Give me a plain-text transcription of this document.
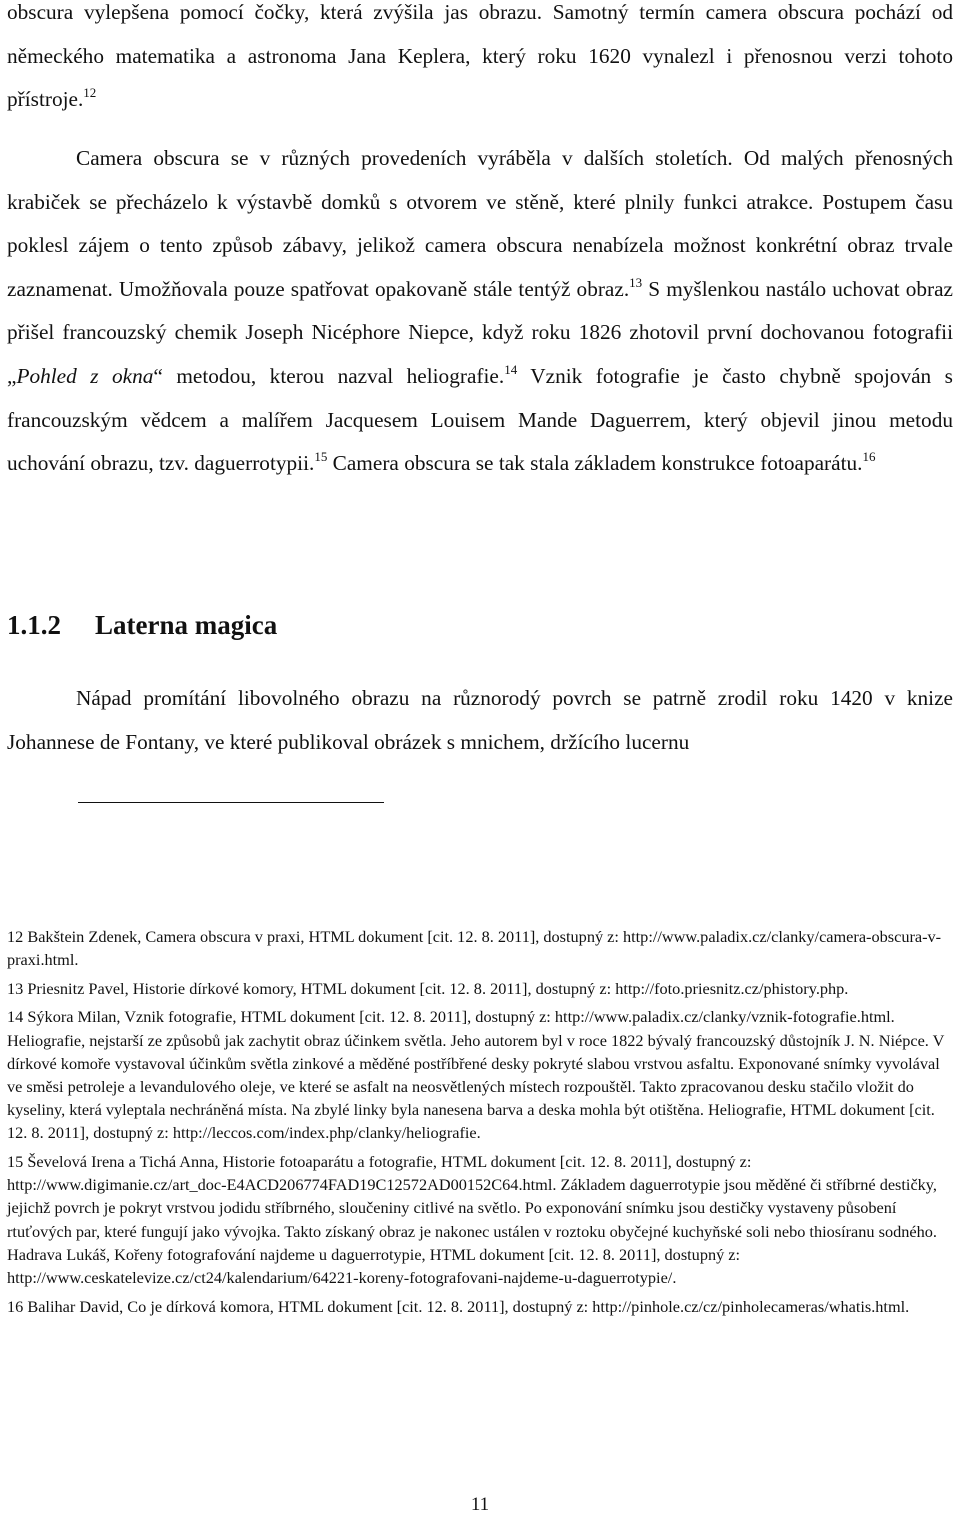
obscura vylepšena pomocí čočky, která zvýšila jas obrazu. Samotný termín camera obscura pochází od německého matematika a astronoma Jana Keplera, který roku 1620 vynalezl i přenosnou verzi tohoto přístroje.$^{12}$

Camera obscura se v různých provedeních vyráběla v dalších stoletích. Od malých přenosných krabiček se přecházelo k výstavbě domků s otvorem ve stěně, které plnily funkci atrakce. Postupem času poklesl zájem o tento způsob zábavy, jelikož camera obscura nenabízela možnost konkrétní obraz trvale zaznamenat. Umožňovala pouze spatřovat opakovaně stále tentýž obraz.$^{13}$ S myšlenkou nastálo uchovat obraz přišel francouzský chemik Joseph Nicéphore Niepce, když roku 1826 zhotovil první dochovanou fotografii „Pohled z okna“ metodou, kterou nazval heliografie.$^{14}$ Vznik fotografie je často chybně spojován s francouzským vědcem a malířem Jacquesem Louisem Mande Daguerrem, který objevil jinou metodu uchování obrazu, tzv. daguerrotypii.$^{15}$ Camera obscura se tak stala základem konstrukce fotoaparátu.$^{16}$

1.1.2 Laterna magica

Nápad promítání libovolného obrazu na různorodý povrch se patrně zrodil roku 1420 v knize Johannese de Fontany, ve které publikoval obrázek s mnichem, držícího lucernu

12 Bakštein Zdenek, Camera obscura v praxi, HTML dokument [cit. 12. 8. 2011], dostupný z: http://www.paladix.cz/clanky/camera-obscura-v-praxi.html.

13 Priesnitz Pavel, Historie dírkové komory, HTML dokument [cit. 12. 8. 2011], dostupný z: http://foto.priesnitz.cz/phistory.php.

14 Sýkora Milan, Vznik fotografie, HTML dokument [cit. 12. 8. 2011], dostupný z: http://www.paladix.cz/clanky/vznik-fotografie.html. Heliografie, nejstarší ze způsobů jak zachytit obraz účinkem světla. Jeho autorem byl v roce 1822 bývalý francouzský důstojník J. N. Niépce. V dírkové komoře vystavoval účinkům světla zinkové a měděné postříbřené desky pokryté slabou vrstvou asfaltu. Exponované snímky vyvolával ve směsi petroleje a levandulového oleje, ve které se asfalt na neosvětlených místech rozpouštěl. Takto zpracovanou desku stačilo vložit do kyseliny, která vyleptala nechráněná místa. Na zbylé linky byla nanesena barva a deska mohla být otištěna. Heliografie, HTML dokument [cit. 12. 8. 2011], dostupný z: http://leccos.com/index.php/clanky/heliografie.

15 Ševelová Irena a Tichá Anna, Historie fotoaparátu a fotografie, HTML dokument [cit. 12. 8. 2011], dostupný z: http://www.digimanie.cz/art_doc-E4ACD206774FAD19C12572AD00152C64.html. Základem daguerrotypie jsou měděné či stříbrné destičky, jejichž povrch je pokryt vrstvou jodidu stříbrného, sloučeniny citlivé na světlo. Po exponování snímku jsou destičky vystaveny působení rtuťových par, které fungují jako vývojka. Takto získaný obraz je nakonec ustálen v roztoku obyčejné kuchyňské soli nebo thiosíranu sodného. Hadrava Lukáš, Kořeny fotografování najdeme u daguerrotypie, HTML dokument [cit. 12. 8. 2011], dostupný z: http://www.ceskatelevize.cz/ct24/kalendarium/64221-koreny-fotografovani-najdeme-u-daguerrotypie/.

16 Balihar David, Co je dírková komora, HTML dokument [cit. 12. 8. 2011], dostupný z: http://pinhole.cz/cz/pinholecameras/whatis.html.

11
